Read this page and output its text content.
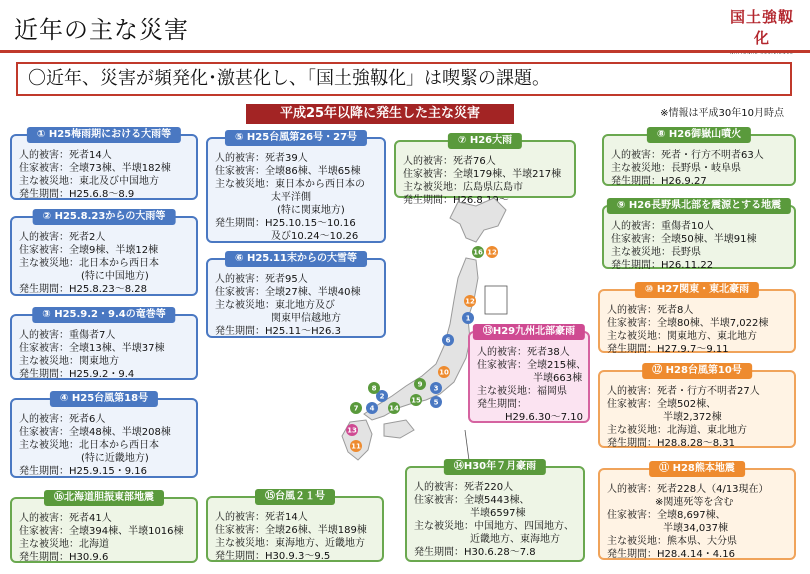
近年の主な災害	国土強靱化
〇近年、災害が頻発化･激甚化し、「国土強靱化」は喫緊の課題。
平成25年以降に発生した主な災害	※情報は平成30年10月時点
① H25梅雨期における大雨等
人的被害：死者14人
住家被害：全壊73棟、半壊182棟
主な被災地：東北及び中国地方
発生期間：H25.6.8～8.9
② H25.8.23からの大雨等
人的被害：死者2人
住家被害：全壊9棟、半壊12棟
主な被災地：北日本から西日本
(特に中国地方)
発生期間：H25.8.23～8.28
③ H25.9.2・9.4の竜巻等
人的被害：重傷者7人
住家被害：全壊13棟、半壊37棟
主な被災地：関東地方
発生期間：H25.9.2・9.4
④ H25台風第18号
人的被害：死者6人
住家被害：全壊48棟、半壊208棟
主な被災地：北日本から西日本
(特に近畿地方)
発生期間：H25.9.15・9.16
⑯北海道胆振東部地震
人的被害：死者41人
住家被害：全壊394棟、半壊1016棟
主な被災地：北海道
発生期間：H30.9.6
⑤ H25台風第26号・27号
人的被害：死者39人
住家被害：全壊86棟、半壊65棟
主な被災地：東日本から西日本の
太平洋側
(特に関東地方)
発生期間：H25.10.15～10.16
及び10.24～10.26
⑥ H25.11末からの大雪等
人的被害：死者95人
住家被害：全壊27棟、半壊40棟
主な被災地：東北地方及び
関東甲信越地方
発生期間：H25.11～H26.3
⑮台風２１号
人的被害：死者14人
住家被害：全壊26棟、半壊189棟
主な被災地：東海地方、近畿地方
発生期間：H30.9.3～9.5
⑦ H26大雨
人的被害：死者76人
住家被害：全壊179棟、半壊217棟
主な被災地：広島県広島市
発生期間：H26.8.19～
16 12
12
1
6
10
3
5
9
15
2
4
7	14
8
13
11
⑬H29九州北部豪雨
人的被害：死者38人
住家被害：全壊215棟、
半壊663棟
主な被災地：福岡県
発生期間：
H29.6.30～7.10
⑭H30年７月豪雨
人的被害：死者220人
住家被害：全壊5443棟、
半壊6597棟
主な被災地：中国地方、四国地方、
近畿地方、東海地方
発生期間：H30.6.28～7.8
⑧ H26御嶽山噴火
人的被害：死者・行方不明者63人
主な被災地：長野県・岐阜県
発生期間：H26.9.27
⑨ H26長野県北部を震源とする地震
人的被害：重傷者10人
住家被害：全壊50棟、半壊91棟
主な被災地：長野県
発生期間：H26.11.22
⑩ H27関東・東北豪雨
人的被害：死者8人
住家被害：全壊80棟、半壊7,022棟
主な被災地：関東地方、東北地方
発生期間：H27.9.7～9.11
⑫ H28台風第10号
人的被害：死者・行方不明者27人
住家被害：全壊502棟、
半壊2,372棟
主な被災地：北海道、東北地方
発生期間：H28.8.28～8.31
⑪ H28熊本地震
人的被害：死者228人（4/13現在）
※関連死等を含む
住家被害：全壊8,697棟、
半壊34,037棟
主な被災地：熊本県、大分県
発生期間：H28.4.14・4.16
